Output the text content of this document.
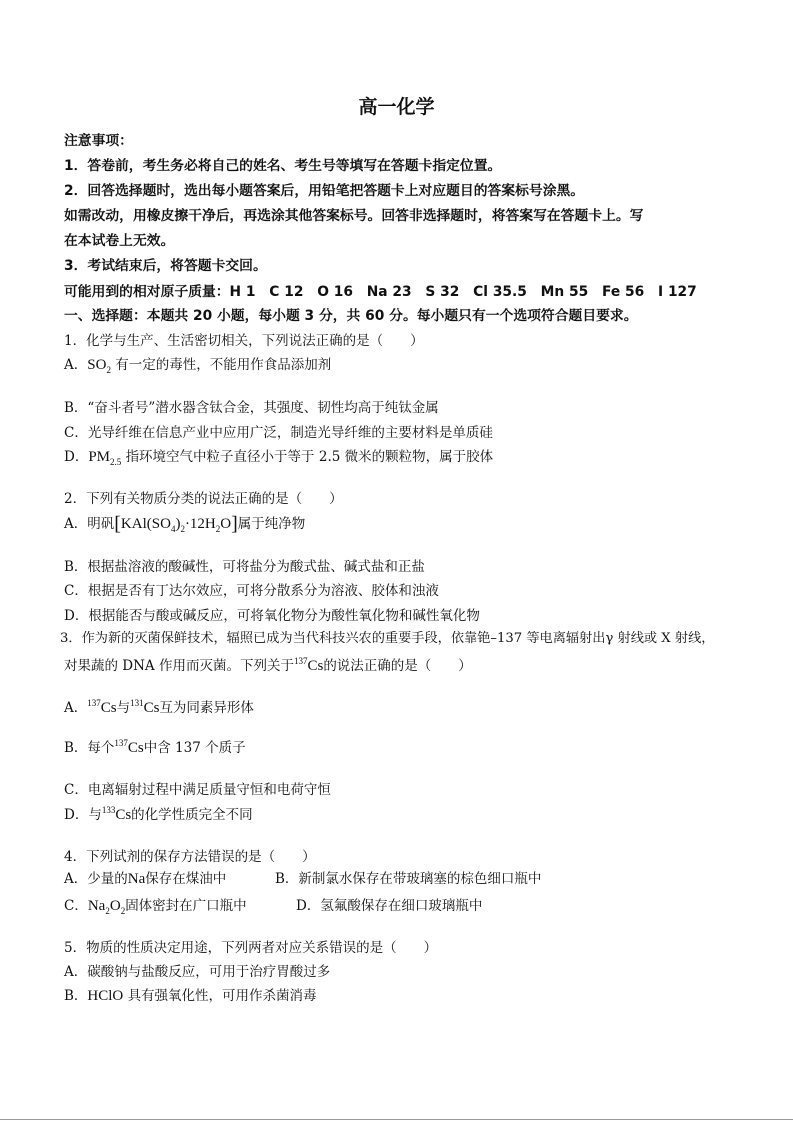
高一化学
注意事项：
1．答卷前，考生务必将自己的姓名、考生号等填写在答题卡指定位置。
2．回答选择题时，选出每小题答案后，用铅笔把答题卡上对应题目的答案标号涂黑。
如需改动，用橡皮擦干净后，再选涂其他答案标号。回答非选择题时，将答案写在答题卡上。写
在本试卷上无效。
3．考试结束后，将答题卡交回。
可能用到的相对原子质量：H 1　C 12　O 16　Na 23　S 32　Cl 35.5　Mn 55　Fe 56　I 127
一、选择题：本题共 20 小题，每小题 3 分，共 60 分。每小题只有一个选项符合题目要求。
1．化学与生产、生活密切相关，下列说法正确的是（　　）
A．$SO_2$ 有一定的毒性，不能用作食品添加剂
B．“奋斗者号”潜水器含钛合金，其强度、韧性均高于纯钛金属
C．光导纤维在信息产业中应用广泛，制造光导纤维的主要材料是单质硅
D．$PM_{2.5}$ 指环境空气中粒子直径小于等于 2.5 微米的颗粒物，属于胶体
2．下列有关物质分类的说法正确的是（　　）
A．明矾$[KAl(SO_4)_2\cdot 12H_2O]$属于纯净物
B．根据盐溶液的酸碱性，可将盐分为酸式盐、碱式盐和正盐
C．根据是否有丁达尔效应，可将分散系分为溶液、胶体和浊液
D．根据能否与酸或碱反应，可将氧化物分为酸性氧化物和碱性氧化物
3．作为新的灭菌保鲜技术，辐照已成为当代科技兴农的重要手段，依靠铯–137 等电离辐射出γ 射线或 X 射线，
对果蔬的 DNA 作用而灭菌。下列关于$^{137}$Cs的说法正确的是（　　）
A．$^{137}$Cs与$^{131}$Cs互为同素异形体
B．每个$^{137}$Cs中含 137 个质子
C．电离辐射过程中满足质量守恒和电荷守恒
D．与$^{133}$Cs的化学性质完全不同
4．下列试剂的保存方法错误的是（　　）
A．少量的Na保存在煤油中	B．新制氯水保存在带玻璃塞的棕色细口瓶中
C．$Na_2O_2$固体密封在广口瓶中	D．氢氟酸保存在细口玻璃瓶中
5．物质的性质决定用途，下列两者对应关系错误的是（　　）
A．碳酸钠与盐酸反应，可用于治疗胃酸过多
B．HClO 具有强氧化性，可用作杀菌消毒
